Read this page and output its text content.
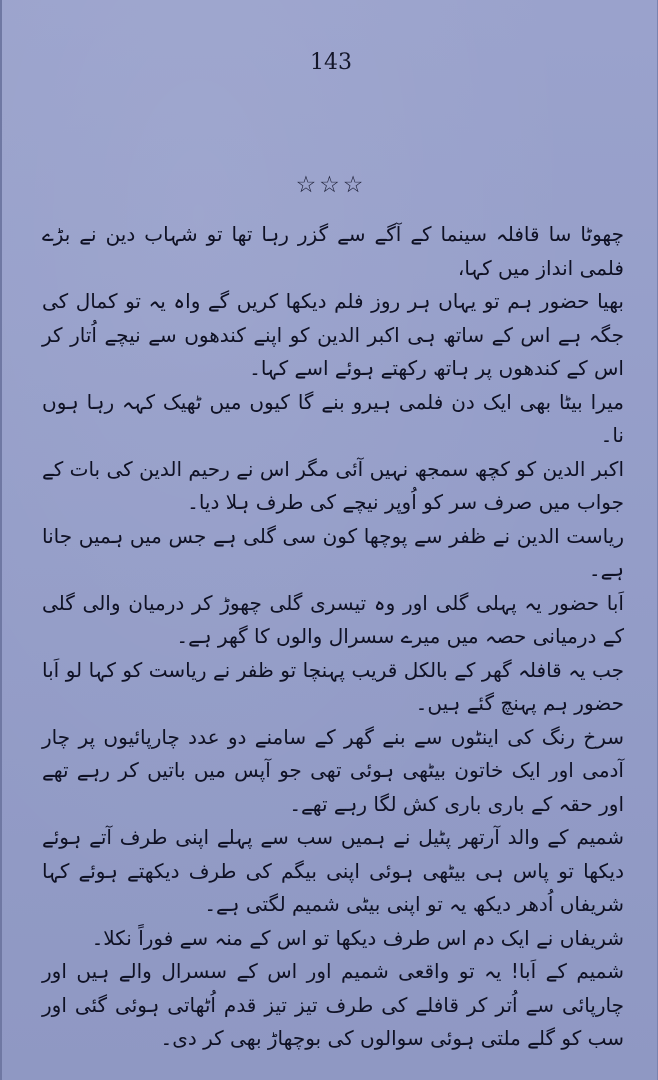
143
☆☆☆

چھوٹا سا قافلہ سینما کے آگے سے گزر رہا تھا تو شہاب دین نے بڑے فلمی انداز میں کہا،

بھیا حضور ہم تو یہاں ہر روز فلم دیکھا کریں گے واہ یہ تو کمال کی جگہ ہے اس کے ساتھ ہی اکبر الدین کو اپنے کندھوں سے نیچے اُتار کر اس کے کندھوں پر ہاتھ رکھتے ہوئے اسے کہا۔

میرا بیٹا بھی ایک دن فلمی ہیرو بنے گا کیوں میں ٹھیک کہہ رہا ہوں نا۔

اکبر الدین کو کچھ سمجھ نہیں آئی مگر اس نے رحیم الدین کی بات کے جواب میں صرف سر کو اُوپر نیچے کی طرف ہلا دیا۔

ریاست الدین نے ظفر سے پوچھا کون سی گلی ہے جس میں ہمیں جانا ہے۔

اَبا حضور یہ پہلی گلی اور وہ تیسری گلی چھوڑ کر درمیان والی گلی کے درمیانی حصہ میں میرے سسرال والوں کا گھر ہے۔

جب یہ قافلہ گھر کے بالکل قریب پہنچا تو ظفر نے ریاست کو کہا لو اَبا حضور ہم پہنچ گئے ہیں۔

سرخ رنگ کی اینٹوں سے بنے گھر کے سامنے دو عدد چارپائیوں پر چار آدمی اور ایک خاتون بیٹھی ہوئی تھی جو آپس میں باتیں کر رہے تھے اور حقہ کے باری باری کش لگا رہے تھے۔

شمیم کے والد آرتھر پٹیل نے ہمیں سب سے پہلے اپنی طرف آتے ہوئے دیکھا تو پاس ہی بیٹھی ہوئی اپنی بیگم کی طرف دیکھتے ہوئے کہا شریفاں اُدھر دیکھ یہ تو اپنی بیٹی شمیم لگتی ہے۔

شریفاں نے ایک دم اس طرف دیکھا تو اس کے منہ سے فوراً نکلا۔

شمیم کے اَبا! یہ تو واقعی شمیم اور اس کے سسرال والے ہیں اور چارپائی سے اُتر کر قافلے کی طرف تیز تیز قدم اُٹھاتی ہوئی گئی اور سب کو گلے ملتی ہوئی سوالوں کی بوچھاڑ بھی کر دی۔
